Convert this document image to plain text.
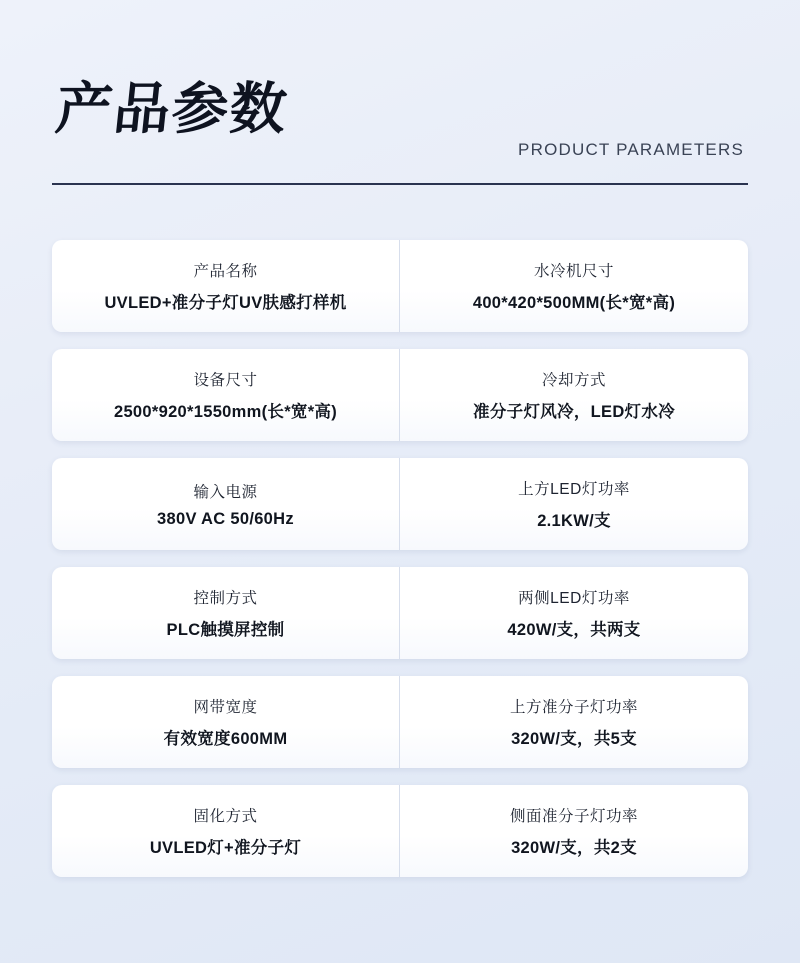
产品参数
PRODUCT PARAMETERS
产品名称
UVLED+准分子灯UV肤感打样机
水冷机尺寸
400*420*500MM(长*宽*高)
设备尺寸
2500*920*1550mm(长*宽*高)
冷却方式
准分子灯风冷，LED灯水冷
输入电源
380V AC 50/60Hz
上方LED灯功率
2.1KW/支
控制方式
PLC触摸屏控制
两侧LED灯功率
420W/支，共两支
网带宽度
有效宽度600MM
上方准分子灯功率
320W/支，共5支
固化方式
UVLED灯+准分子灯
侧面准分子灯功率
320W/支，共2支
